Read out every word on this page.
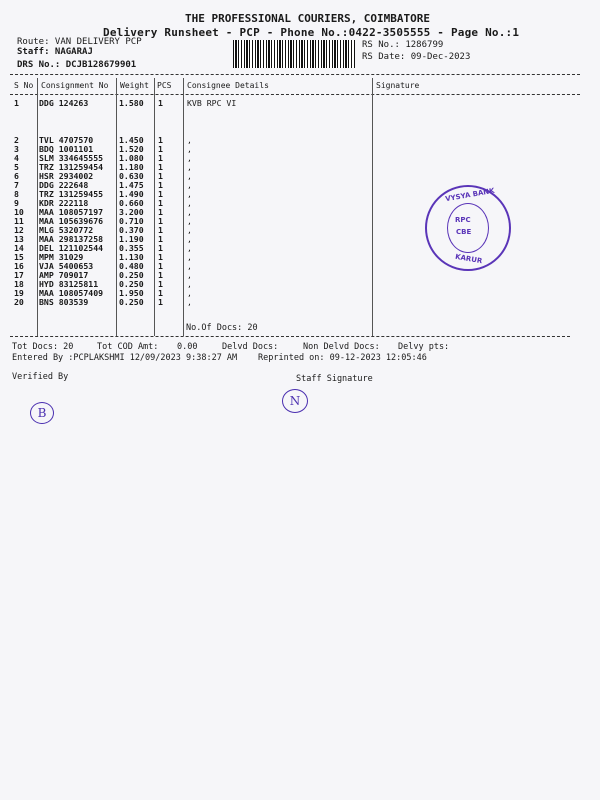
THE PROFESSIONAL COURIERS, COIMBATORE
Delivery Runsheet - PCP - Phone No.:0422-3505555 - Page No.:1
Route: VAN DELIVERY PCP
Staff: NAGARAJ
DRS No.: DCJB128679901
RS No.: 1286799
RS Date: 09-Dec-2023
S No Consignment No Weight PCS Consignee Details	Signature
1 DDG 124263	1.580 1	KVB RPC VI
2 TVL 4707570	1.450 1	,
3 BDQ 1001101	1.520 1	,
4 SLM 334645555 1.080 1	,
5 TRZ 131259454 1.180 1	,
6 HSR 2934002	0.630 1	,
7 DDG 222648	1.475 1	,
8 TRZ 131259455 1.490 1	,
9 KDR 222118	0.660 1	,
10 MAA 108057197 3.200 1	,
11 MAA 105639676 0.710 1	,
12 MLG 5320772	0.370 1	,
13 MAA 298137258 1.190 1	,
14 DEL 121102544 0.355 1	,
15 MPM 31029	1.130 1	,
16 VJA 5400653	0.480 1	,
17 AMP 709017	0.250 1	,
18 HYD 83125811	0.250 1	,
19 MAA 108057409 1.950 1	,
20 BNS 803539	0.250 1	,
No.Of Docs: 20
Tot Docs: 20	Tot COD Amt: 0.00	Delvd Docs:	Non Delvd Docs: Delvy pts:
Entered By :PCPLAKSHMI 12/09/2023 9:38:27 AM Reprinted on: 09-12-2023 12:05:46
Verified By	Staff Signature
B
N
VYSYA BANK
RPC
CBE
KARUR
